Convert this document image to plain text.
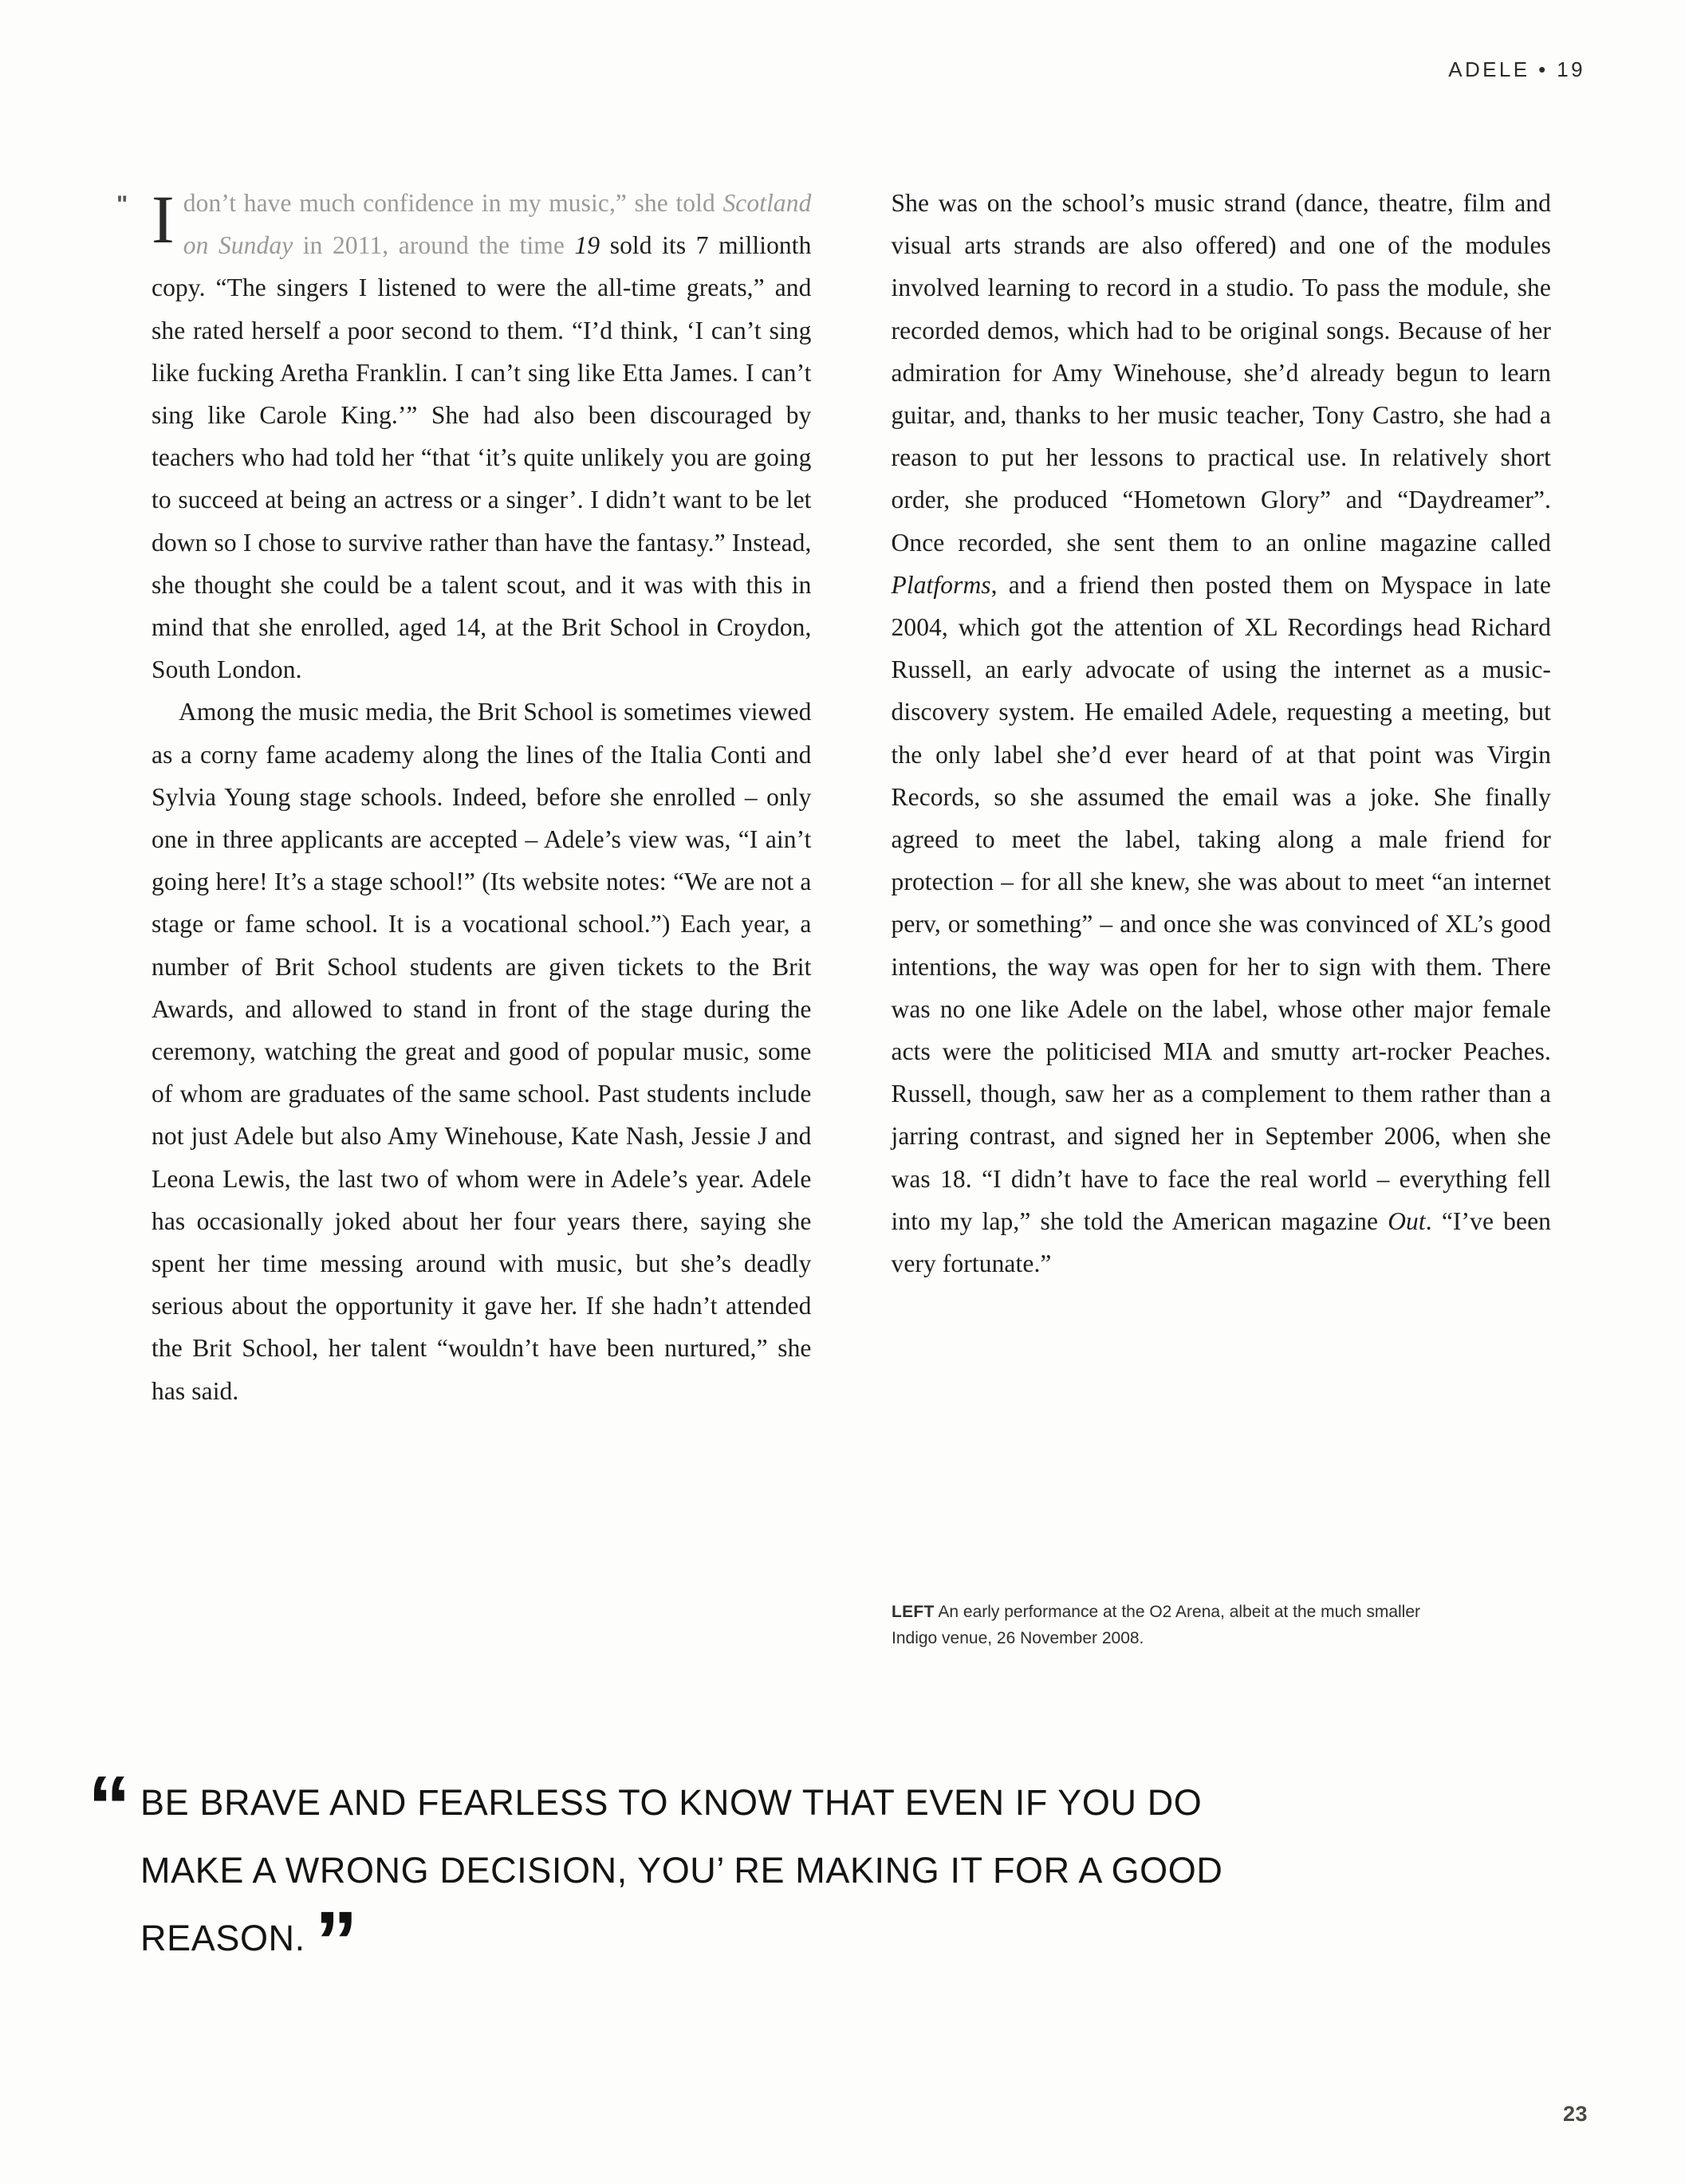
ADELE • 19

" I don’t have much confidence in my music,” she told Scotland on Sunday in 2011, around the time 19 sold its 7 millionth copy. “The singers I listened to were the all-time greats,” and she rated herself a poor second to them. “I’d think, ‘I can’t sing like fucking Aretha Franklin. I can’t sing like Etta James. I can’t sing like Carole King.’” She had also been discouraged by teachers who had told her “that ‘it’s quite unlikely you are going to succeed at being an actress or a singer’. I didn’t want to be let down so I chose to survive rather than have the fantasy.” Instead, she thought she could be a talent scout, and it was with this in mind that she enrolled, aged 14, at the Brit School in Croydon, South London.

Among the music media, the Brit School is sometimes viewed as a corny fame academy along the lines of the Italia Conti and Sylvia Young stage schools. Indeed, before she enrolled – only one in three applicants are accepted – Adele’s view was, “I ain’t going here! It’s a stage school!” (Its website notes: “We are not a stage or fame school. It is a vocational school.”) Each year, a number of Brit School students are given tickets to the Brit Awards, and allowed to stand in front of the stage during the ceremony, watching the great and good of popular music, some of whom are graduates of the same school. Past students include not just Adele but also Amy Winehouse, Kate Nash, Jessie J and Leona Lewis, the last two of whom were in Adele’s year. Adele has occasionally joked about her four years there, saying she spent her time messing around with music, but she’s deadly serious about the opportunity it gave her. If she hadn’t attended the Brit School, her talent “wouldn’t have been nurtured,” she has said.

She was on the school’s music strand (dance, theatre, film and visual arts strands are also offered) and one of the modules involved learning to record in a studio. To pass the module, she recorded demos, which had to be original songs. Because of her admiration for Amy Winehouse, she’d already begun to learn guitar, and, thanks to her music teacher, Tony Castro, she had a reason to put her lessons to practical use. In relatively short order, she produced “Hometown Glory” and “Daydreamer”. Once recorded, she sent them to an online magazine called Platforms, and a friend then posted them on Myspace in late 2004, which got the attention of XL Recordings head Richard Russell, an early advocate of using the internet as a music-discovery system. He emailed Adele, requesting a meeting, but the only label she’d ever heard of at that point was Virgin Records, so she assumed the email was a joke. She finally agreed to meet the label, taking along a male friend for protection – for all she knew, she was about to meet “an internet perv, or something” – and once she was convinced of XL’s good intentions, the way was open for her to sign with them. There was no one like Adele on the label, whose other major female acts were the politicised MIA and smutty art-rocker Peaches. Russell, though, saw her as a complement to them rather than a jarring contrast, and signed her in September 2006, when she was 18. “I didn’t have to face the real world – everything fell into my lap,” she told the American magazine Out. “I’ve been very fortunate.”

LEFT An early performance at the O2 Arena, albeit at the much smaller Indigo venue, 26 November 2008.
“ BE BRAVE AND FEARLESS TO KNOW THAT EVEN IF YOU DO MAKE A WRONG DECISION, YOU’ RE MAKING IT FOR A GOOD REASON. ”
23
